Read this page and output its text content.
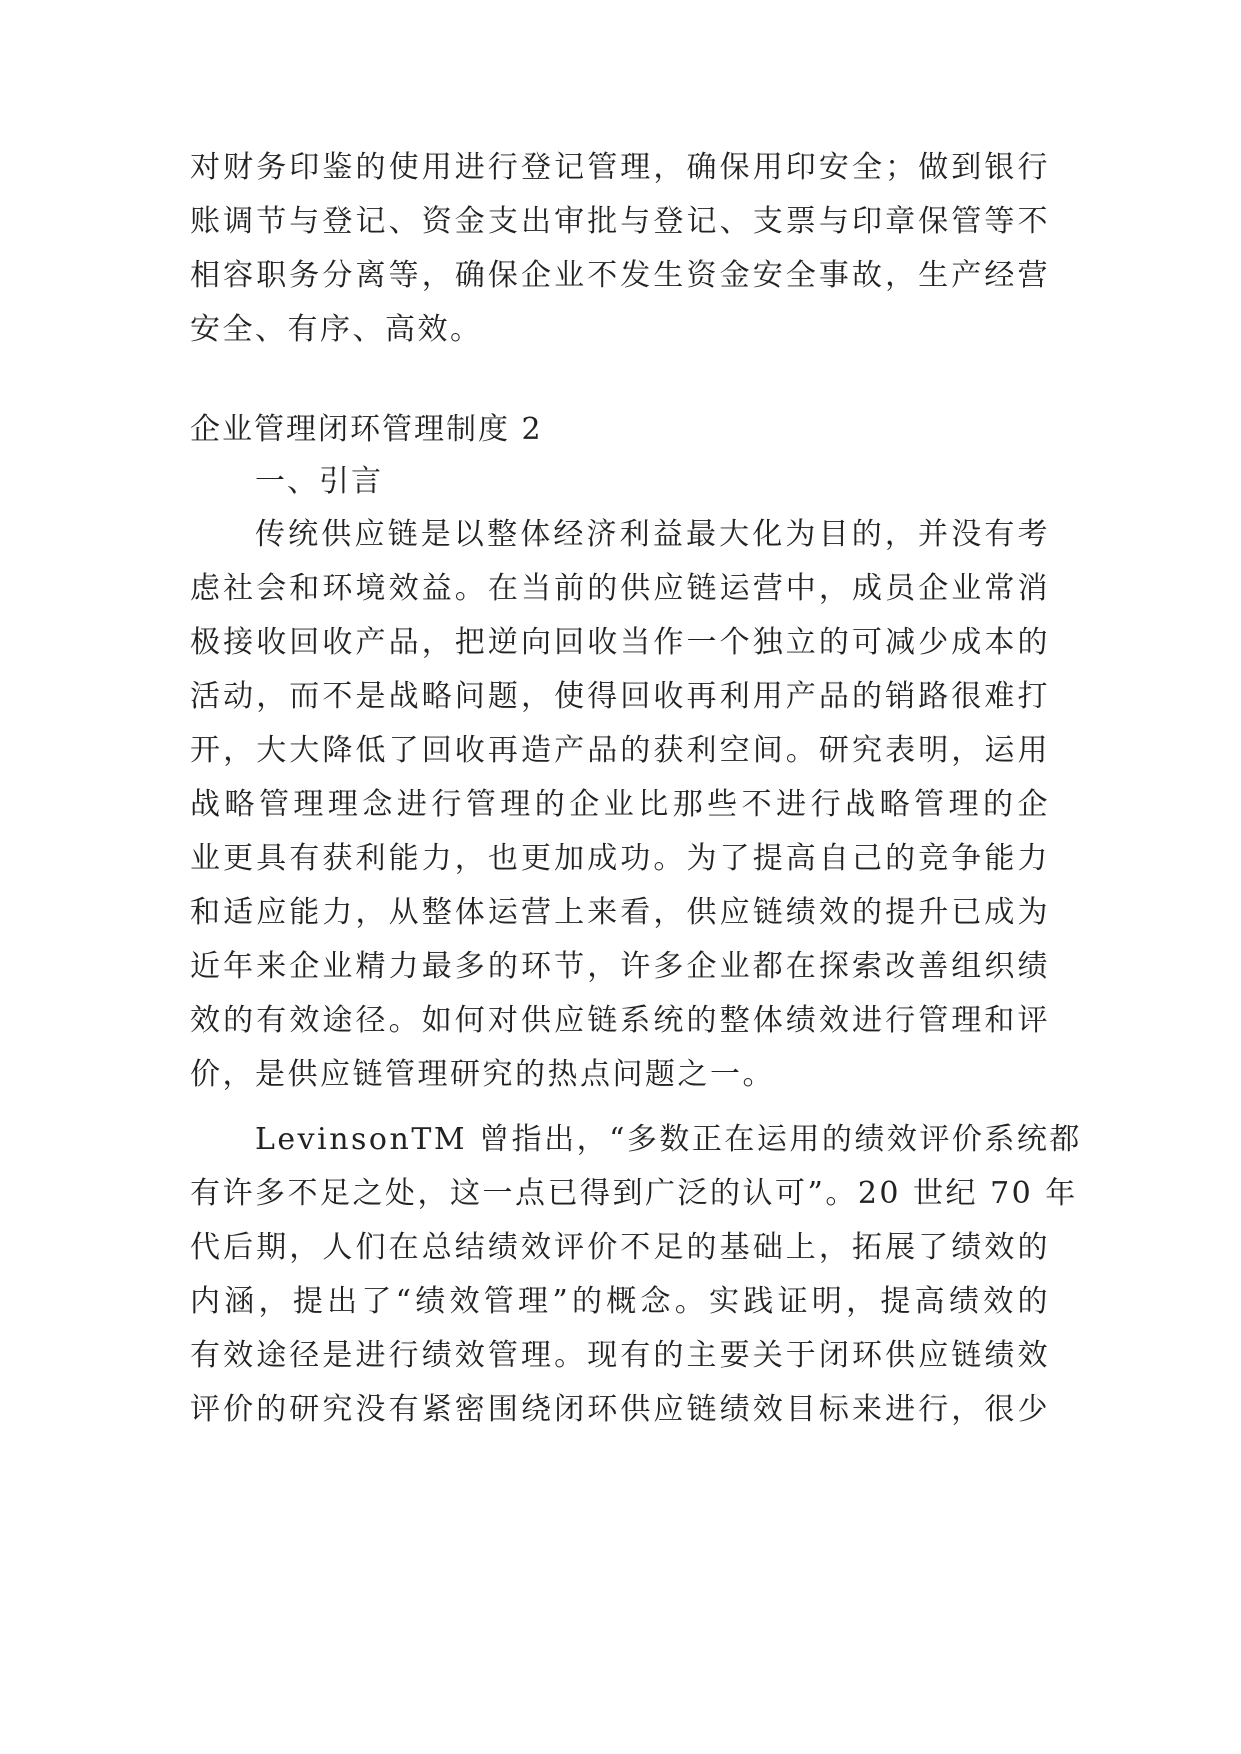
对财务印鉴的使用进行登记管理，确保用印安全；做到银行
账调节与登记、资金支出审批与登记、支票与印章保管等不
相容职务分离等，确保企业不发生资金安全事故，生产经营
安全、有序、高效。
企业管理闭环管理制度 2
一、引言
传统供应链是以整体经济利益最大化为目的，并没有考
虑社会和环境效益。在当前的供应链运营中，成员企业常消
极接收回收产品，把逆向回收当作一个独立的可减少成本的
活动，而不是战略问题，使得回收再利用产品的销路很难打
开，大大降低了回收再造产品的获利空间。研究表明，运用
战略管理理念进行管理的企业比那些不进行战略管理的企
业更具有获利能力，也更加成功。为了提高自己的竞争能力
和适应能力，从整体运营上来看，供应链绩效的提升已成为
近年来企业精力最多的环节，许多企业都在探索改善组织绩
效的有效途径。如何对供应链系统的整体绩效进行管理和评
价，是供应链管理研究的热点问题之一。
LevinsonTM 曾指出，“多数正在运用的绩效评价系统都
有许多不足之处，这一点已得到广泛的认可”。20 世纪 70 年
代后期，人们在总结绩效评价不足的基础上，拓展了绩效的
内涵，提出了“绩效管理”的概念。实践证明，提高绩效的
有效途径是进行绩效管理。现有的主要关于闭环供应链绩效
评价的研究没有紧密围绕闭环供应链绩效目标来进行，很少
